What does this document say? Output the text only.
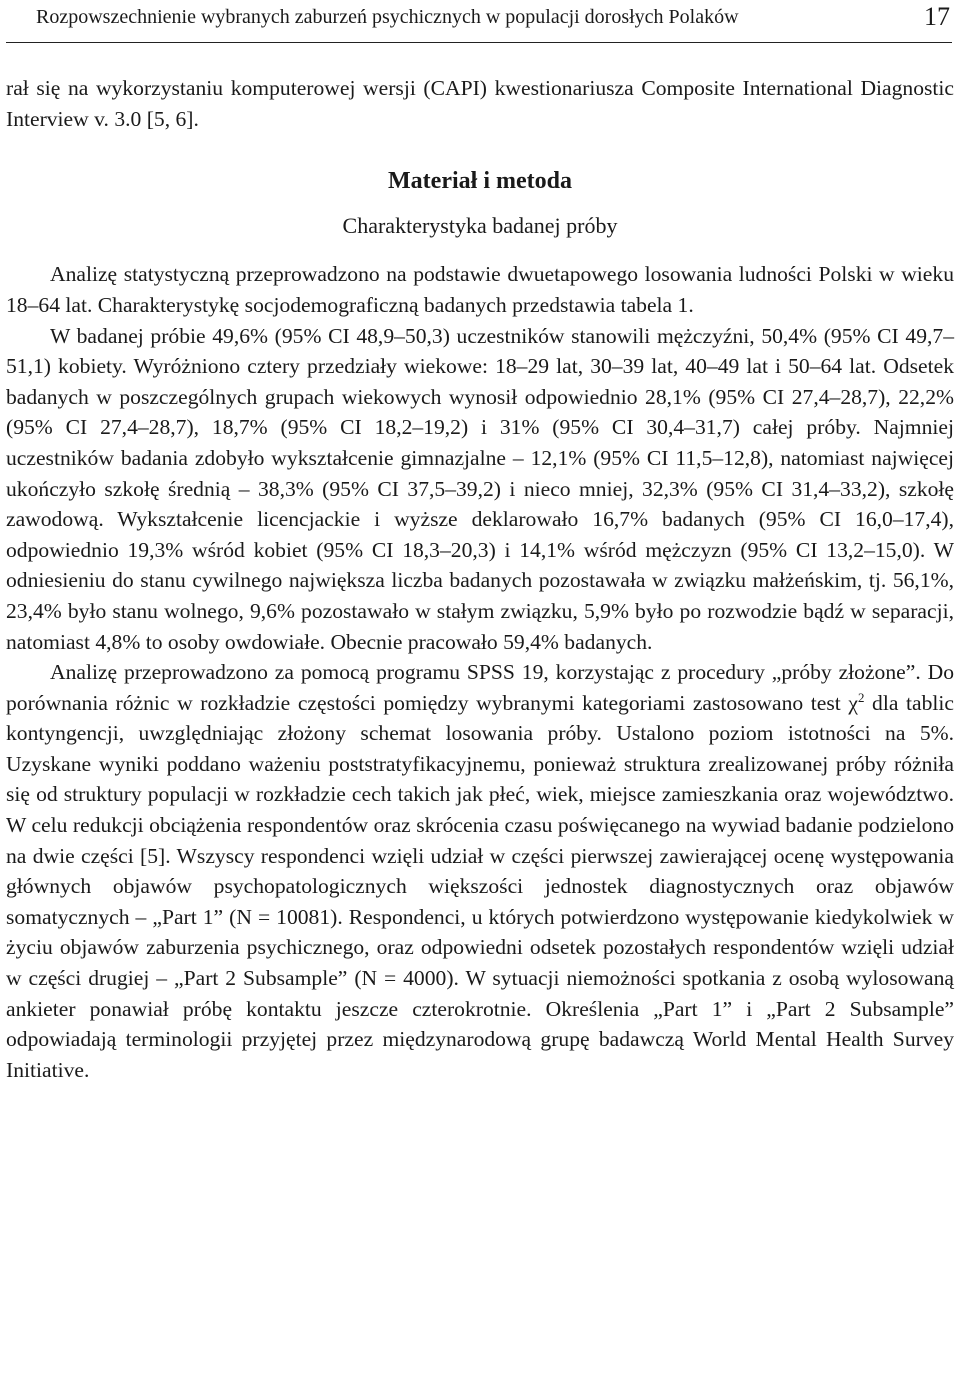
Rozpowszechnienie wybranych zaburzeń psychicznych w populacji dorosłych Polaków	17

rał się na wykorzystaniu komputerowej wersji (CAPI) kwestionariusza Composite International Diagnostic Interview v. 3.0 [5, 6].

Materiał i metoda

Charakterystyka badanej próby

Analizę statystyczną przeprowadzono na podstawie dwuetapowego losowania ludności Polski w wieku 18–64 lat. Charakterystykę socjodemograficzną badanych przedstawia tabela 1.

W badanej próbie 49,6% (95% CI 48,9–50,3) uczestników stanowili mężczyźni, 50,4% (95% CI 49,7–51,1) kobiety. Wyróżniono cztery przedziały wiekowe: 18–29 lat, 30–39 lat, 40–49 lat i 50–64 lat. Odsetek badanych w poszczególnych grupach wiekowych wynosił odpowiednio 28,1% (95% CI 27,4–28,7), 22,2% (95% CI 27,4–28,7), 18,7% (95% CI 18,2–19,2) i 31% (95% CI 30,4–31,7) całej próby. Najmniej uczestników badania zdobyło wykształcenie gimnazjalne – 12,1% (95% CI 11,5–12,8), natomiast najwięcej ukończyło szkołę średnią – 38,3% (95% CI 37,5–39,2) i nieco mniej, 32,3% (95% CI 31,4–33,2), szkołę zawodową. Wykształcenie licencjackie i wyższe deklarowało 16,7% badanych (95% CI 16,0–17,4), odpowiednio 19,3% wśród kobiet (95% CI 18,3–20,3) i 14,1% wśród mężczyzn (95% CI 13,2–15,0). W odniesieniu do stanu cywilnego największa liczba badanych pozostawała w związku małżeńskim, tj. 56,1%, 23,4% było stanu wolnego, 9,6% pozostawało w stałym związku, 5,9% było po rozwodzie bądź w separacji, natomiast 4,8% to osoby owdowiałe. Obecnie pracowało 59,4% badanych.

Analizę przeprowadzono za pomocą programu SPSS 19, korzystając z procedury „próby złożone”. Do porównania różnic w rozkładzie częstości pomiędzy wybranymi kategoriami zastosowano test $\chi^2$ dla tablic kontyngencji, uwzględniając złożony schemat losowania próby. Ustalono poziom istotności na 5%. Uzyskane wyniki poddano ważeniu poststratyfikacyjnemu, ponieważ struktura zrealizowanej próby różniła się od struktury populacji w rozkładzie cech takich jak płeć, wiek, miejsce zamieszkania oraz województwo. W celu redukcji obciążenia respondentów oraz skrócenia czasu poświęcanego na wywiad badanie podzielono na dwie części [5]. Wszyscy respondenci wzięli udział w części pierwszej zawierającej ocenę występowania głównych objawów psychopatologicznych większości jednostek diagnostycznych oraz objawów somatycznych – „Part 1” (N = 10081). Respondenci, u których potwierdzono występowanie kiedykolwiek w życiu objawów zaburzenia psychicznego, oraz odpowiedni odsetek pozostałych respondentów wzięli udział w części drugiej – „Part 2 Subsample” (N = 4000). W sytuacji niemożności spotkania z osobą wylosowaną ankieter ponawiał próbę kontaktu jeszcze czterokrotnie. Określenia „Part 1” i „Part 2 Subsample” odpowiadają terminologii przyjętej przez międzynarodową grupę badawczą World Mental Health Survey Initiative.
